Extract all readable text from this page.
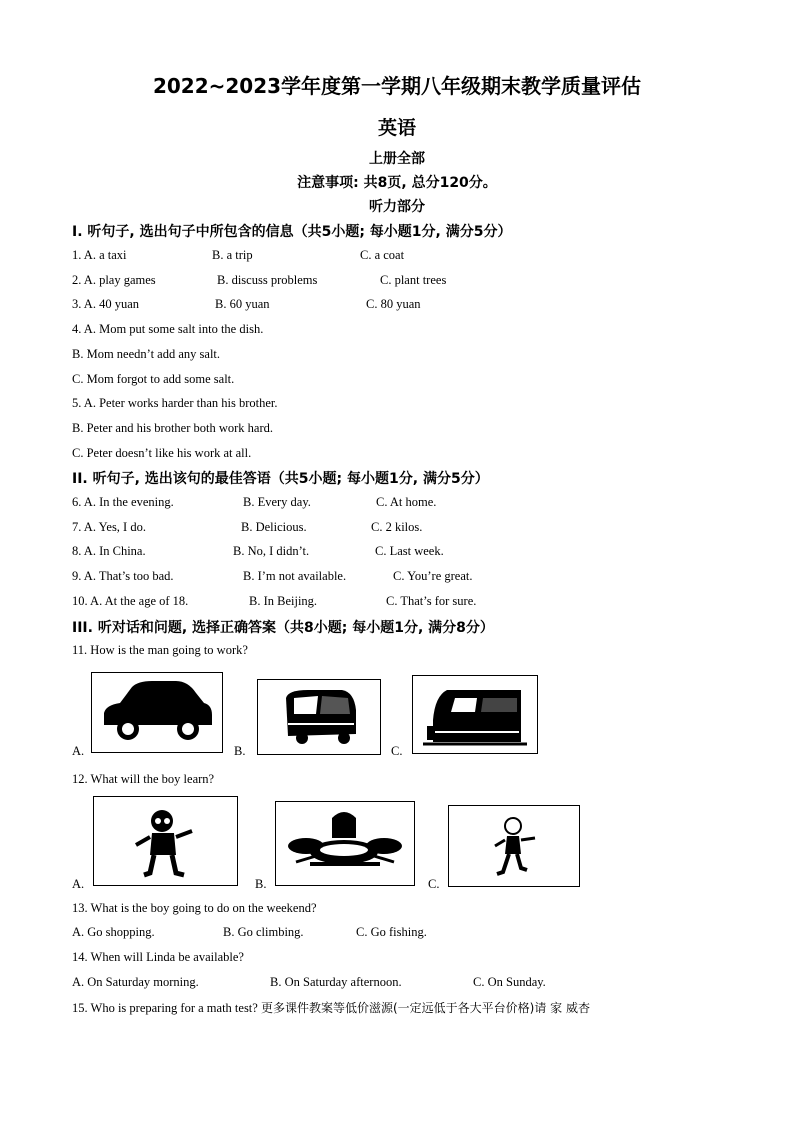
2022~2023学年度第一学期八年级期末教学质量评估
英语
上册全部
注意事项: 共8页, 总分120分。
听力部分
I. 听句子, 选出句子中所包含的信息（共5小题; 每小题1分, 满分5分）
1. A. a taxi	B. a trip	C. a coat
2. A. play games	B. discuss problems	C. plant trees
3. A. 40 yuan	B. 60 yuan	C. 80 yuan
4. A. Mom put some salt into the dish.
B. Mom needn’t add any salt.
C. Mom forgot to add some salt.
5. A. Peter works harder than his brother.
B. Peter and his brother both work hard.
C. Peter doesn’t like his work at all.
II. 听句子, 选出该句的最佳答语（共5小题; 每小题1分, 满分5分）
6. A. In the evening.	B. Every day.	C. At home.
7. A. Yes, I do.	B. Delicious.	C. 2 kilos.
8. A. In China.	B. No, I didn’t.	C. Last week.
9. A. That’s too bad.	B. I’m not available.	C. You’re great.
10. A. At the age of 18.	B. In Beijing.	C. That’s for sure.
III. 听对话和问题, 选择正确答案（共8小题; 每小题1分, 满分8分）
11. How is the man going to work?
A.	B.	C.
12. What will the boy learn?
A.	B.	C.
13. What is the boy going to do on the weekend?
A. Go shopping.	B. Go climbing.	C. Go fishing.
14. When will Linda be available?
A. On Saturday morning.	B. On Saturday afternoon.	C. On Sunday.
15. Who is preparing for a math test? 更多课件教案等低价滋源(一定远低于各大平台价格)请 家 威杏
